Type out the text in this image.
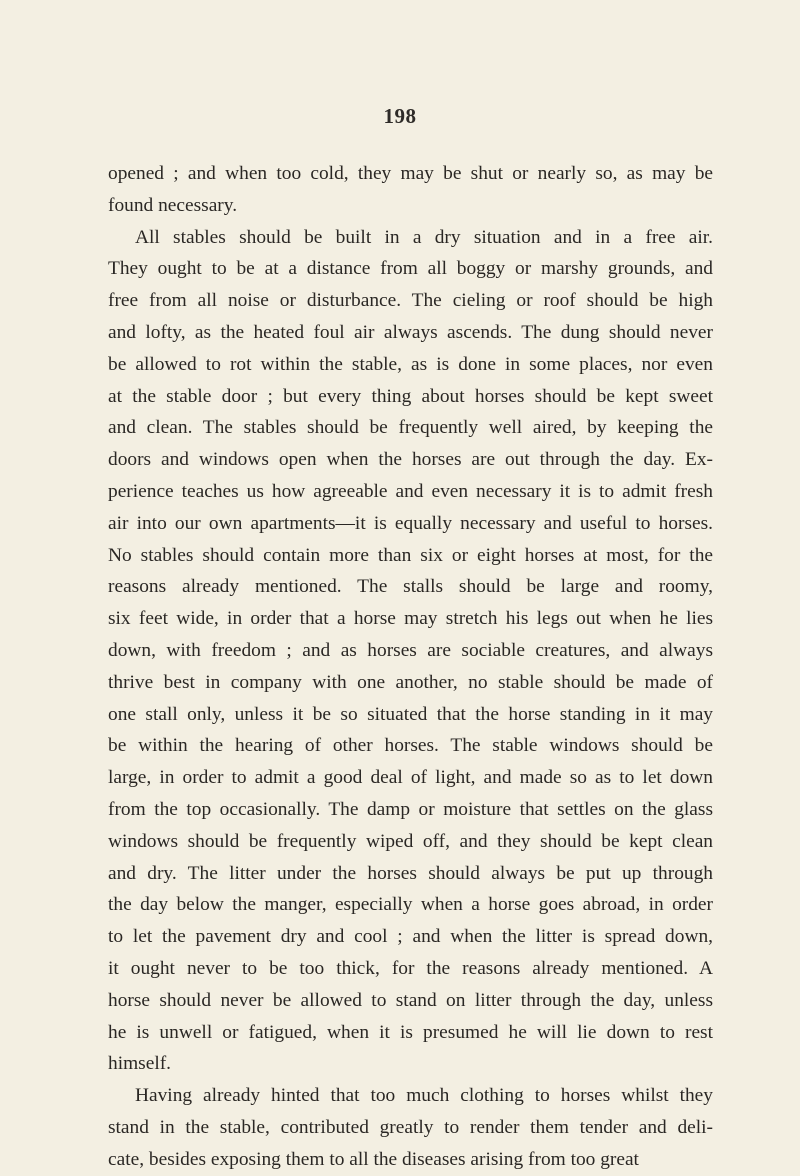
198
opened ; and when too cold, they may be shut or nearly so, as may be
found necessary.
All stables should be built in a dry situation and in a free air.
They ought to be at a distance from all boggy or marshy grounds, and
free from all noise or disturbance. The cieling or roof should be high
and lofty, as the heated foul air always ascends. The dung should never
be allowed to rot within the stable, as is done in some places, nor even
at the stable door ; but every thing about horses should be kept sweet
and clean. The stables should be frequently well aired, by keeping the
doors and windows open when the horses are out through the day. Ex-
perience teaches us how agreeable and even necessary it is to admit fresh
air into our own apartments—it is equally necessary and useful to horses.
No stables should contain more than six or eight horses at most, for the
reasons already mentioned. The stalls should be large and roomy,
six feet wide, in order that a horse may stretch his legs out when he lies
down, with freedom ; and as horses are sociable creatures, and always
thrive best in company with one another, no stable should be made of
one stall only, unless it be so situated that the horse standing in it may
be within the hearing of other horses. The stable windows should be
large, in order to admit a good deal of light, and made so as to let down
from the top occasionally. The damp or moisture that settles on the glass
windows should be frequently wiped off, and they should be kept clean
and dry. The litter under the horses should always be put up through
the day below the manger, especially when a horse goes abroad, in order
to let the pavement dry and cool ; and when the litter is spread down,
it ought never to be too thick, for the reasons already mentioned. A
horse should never be allowed to stand on litter through the day, unless
he is unwell or fatigued, when it is presumed he will lie down to rest
himself.
Having already hinted that too much clothing to horses whilst they
stand in the stable, contributed greatly to render them tender and deli-
cate, besides exposing them to all the diseases arising from too great
